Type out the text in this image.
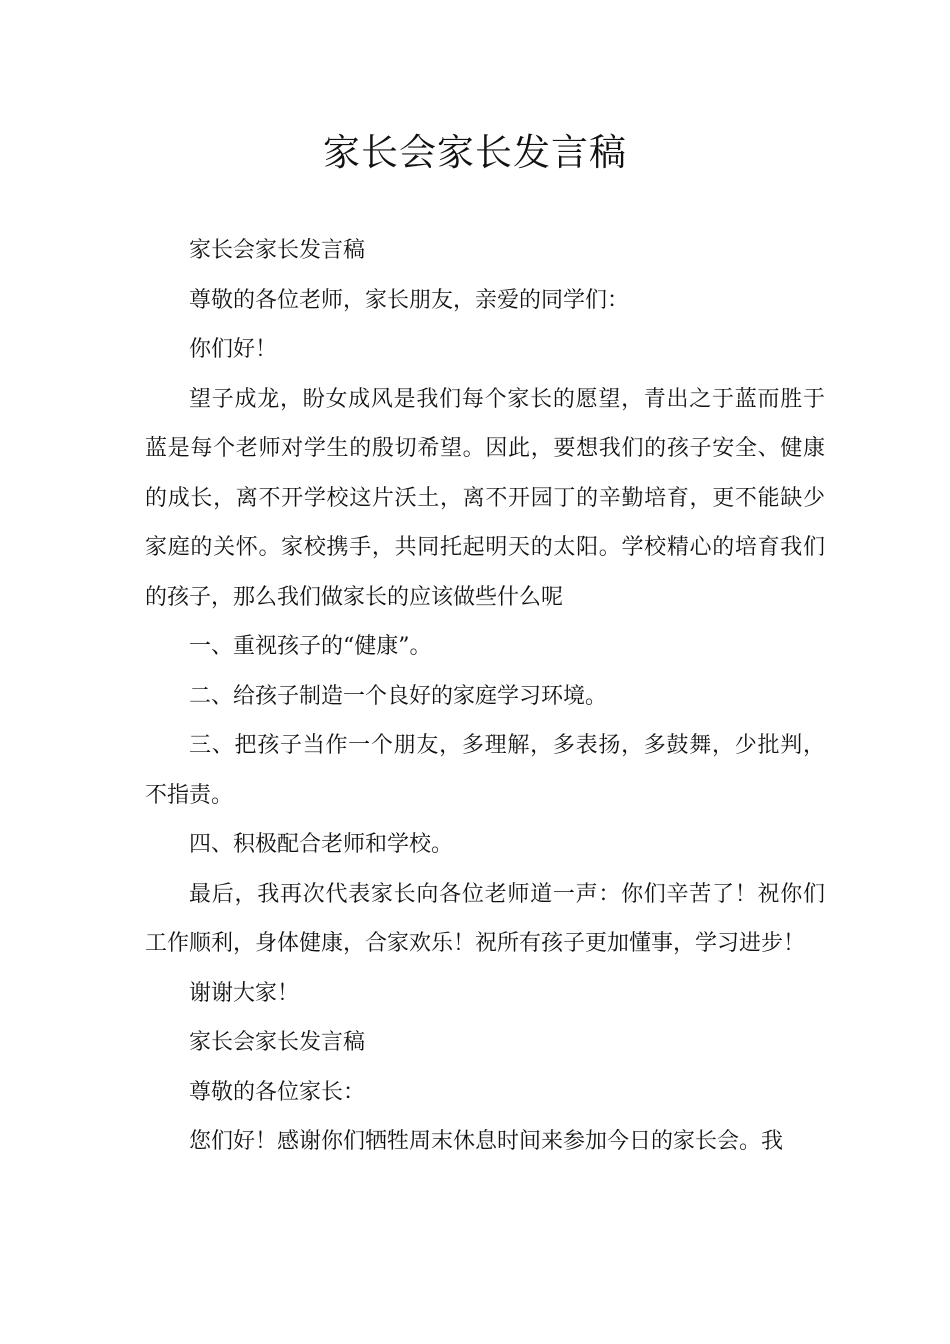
家长会家长发言稿

家长会家长发言稿

尊敬的各位老师，家长朋友，亲爱的同学们：

你们好！

望子成龙，盼女成风是我们每个家长的愿望，青出之于蓝而胜于蓝是每个老师对学生的殷切希望。因此，要想我们的孩子安全、健康的成长，离不开学校这片沃土，离不开园丁的辛勤培育，更不能缺少家庭的关怀。家校携手，共同托起明天的太阳。学校精心的培育我们的孩子，那么我们做家长的应该做些什么呢

一、重视孩子的“健康”。

二、给孩子制造一个良好的家庭学习环境。

三、把孩子当作一个朋友，多理解，多表扬，多鼓舞，少批判，不指责。

四、积极配合老师和学校。

最后，我再次代表家长向各位老师道一声：你们辛苦了！祝你们工作顺利，身体健康，合家欢乐！祝所有孩子更加懂事，学习进步！

谢谢大家！

家长会家长发言稿

尊敬的各位家长：

您们好！感谢你们牺牲周末休息时间来参加今日的家长会。我
